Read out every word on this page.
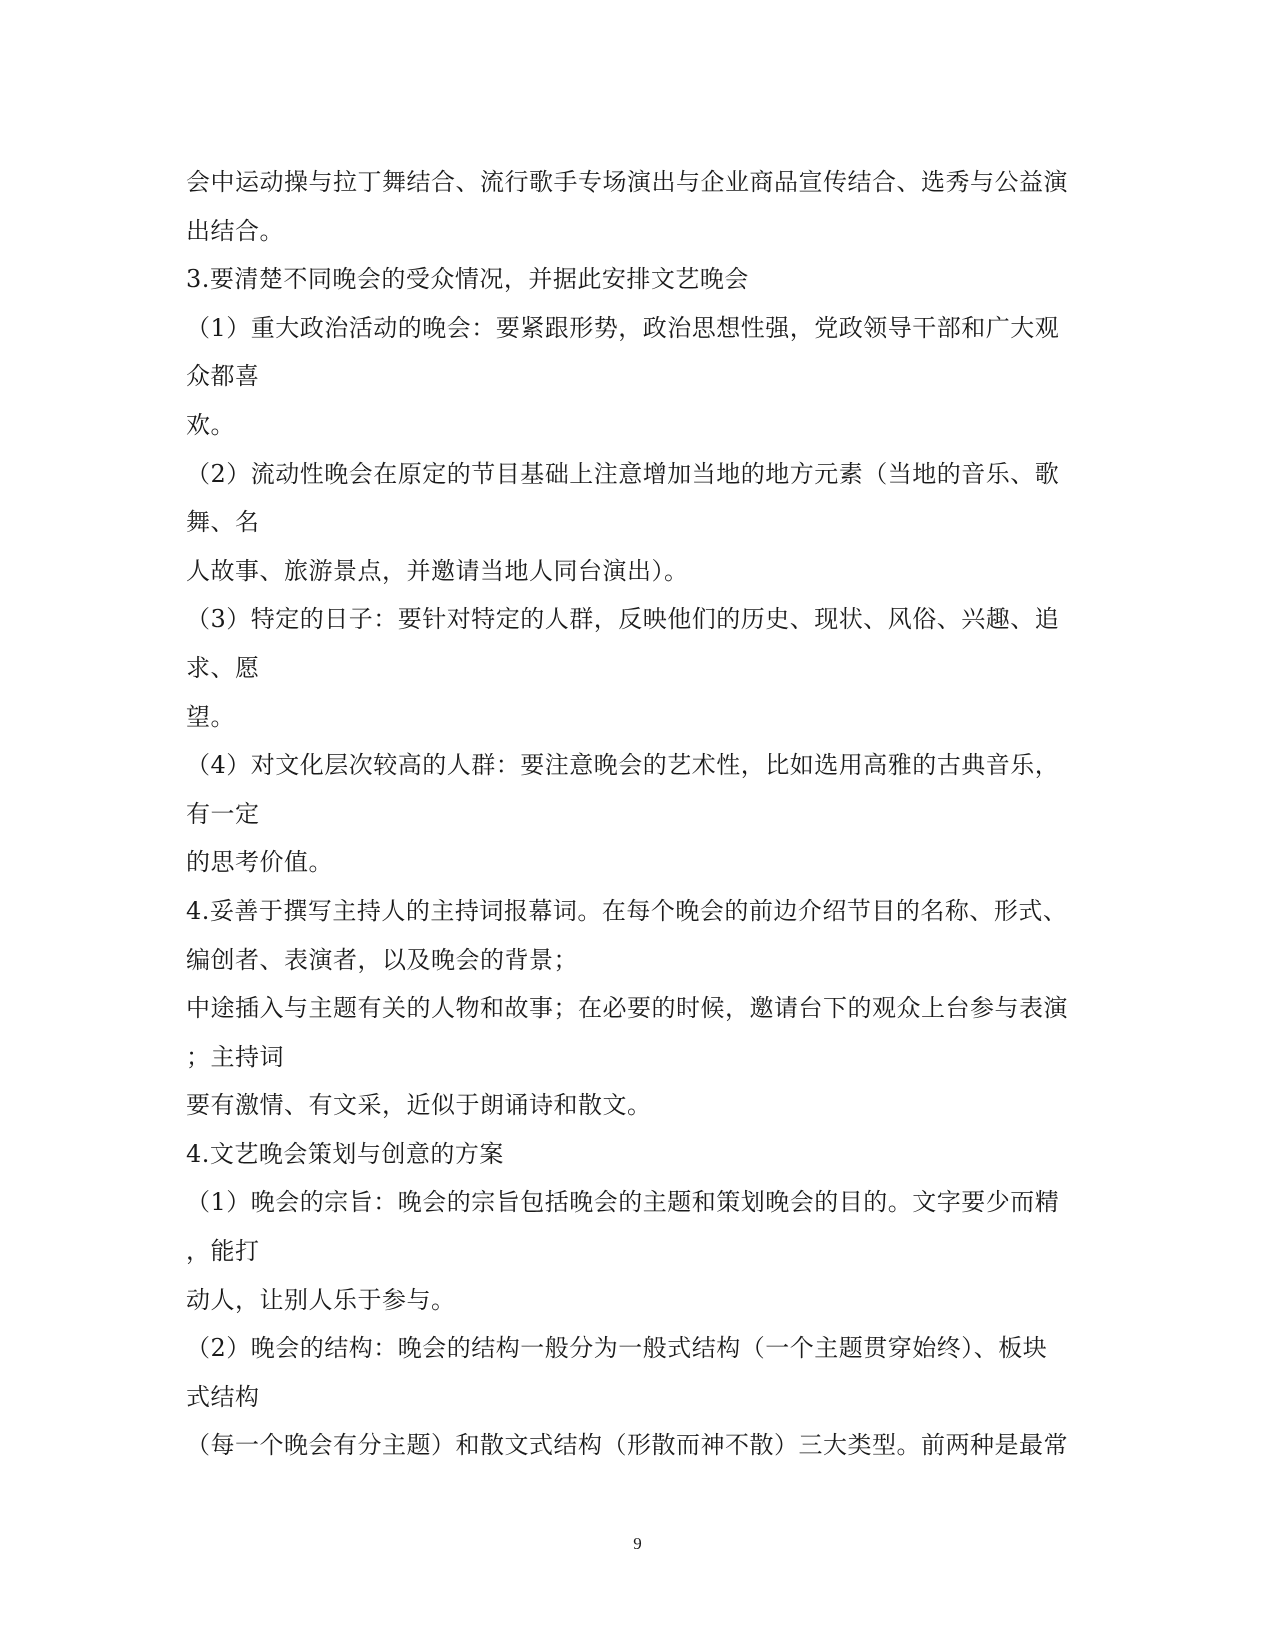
会中运动操与拉丁舞结合、流行歌手专场演出与企业商品宣传结合、选秀与公益演
出结合。
3.要清楚不同晚会的受众情况，并据此安排文艺晚会
（1）重大政治活动的晚会：要紧跟形势，政治思想性强，党政领导干部和广大观
众都喜
欢。
（2）流动性晚会在原定的节目基础上注意增加当地的地方元素（当地的音乐、歌
舞、名
人故事、旅游景点，并邀请当地人同台演出）。
（3）特定的日子：要针对特定的人群，反映他们的历史、现状、风俗、兴趣、追
求、愿
望。
（4）对文化层次较高的人群：要注意晚会的艺术性，比如选用高雅的古典音乐，
有一定
的思考价值。
4.妥善于撰写主持人的主持词报幕词。在每个晚会的前边介绍节目的名称、形式、
编创者、表演者，以及晚会的背景；
中途插入与主题有关的人物和故事；在必要的时候，邀请台下的观众上台参与表演
；主持词
要有激情、有文采，近似于朗诵诗和散文。
4.文艺晚会策划与创意的方案
（1）晚会的宗旨：晚会的宗旨包括晚会的主题和策划晚会的目的。文字要少而精
，能打
动人，让别人乐于参与。
（2）晚会的结构：晚会的结构一般分为一般式结构（一个主题贯穿始终）、板块
式结构
（每一个晚会有分主题）和散文式结构（形散而神不散）三大类型。前两种是最常
9
